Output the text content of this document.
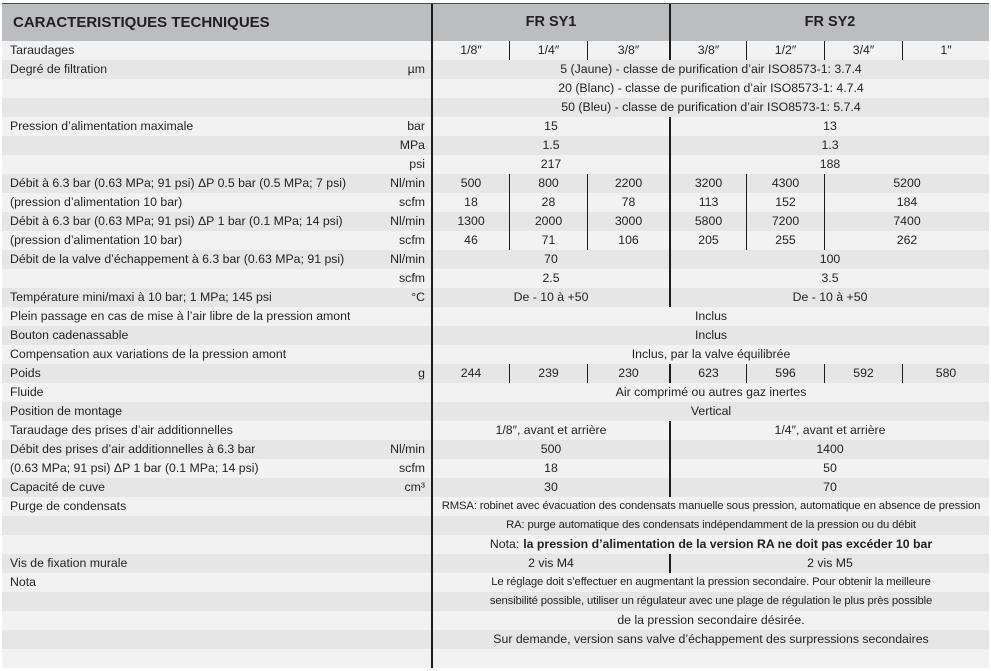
CARACTERISTIQUES TECHNIQUES	FR SY1	FR SY2
Taraudages	1/8″	1/4″	3/8″	3/8″	1/2″	3/4″	1″
Degré de filtration	µm	5 (Jaune) - classe de purification d’air ISO8573-1: 3.7.4
20 (Blanc) - classe de purification d’air ISO8573-1: 4.7.4
50 (Bleu) - classe de purification d’air ISO8573-1: 5.7.4
Pression d’alimentation maximale	bar	15	13
MPa	1.5	1.3
psi	217	188
Débit à 6.3 bar (0.63 MPa; 91 psi) ΔP 0.5 bar (0.5 MPa; 7 psi)	Nl/min	500	800	2200	3200	4300	5200
(pression d’alimentation 10 bar)	scfm	18	28	78	113	152	184
Débit à 6.3 bar (0.63 MPa; 91 psi) ΔP 1 bar (0.1 MPa; 14 psi)	Nl/min	1300	2000	3000	5800	7200	7400
(pression d’alimentation 10 bar)	scfm	46	71	106	205	255	262
Débit de la valve d’échappement à 6.3 bar (0.63 MPa; 91 psi)	Nl/min	70	100
scfm	2.5	3.5
Température mini/maxi à 10 bar; 1 MPa; 145 psi	°C	De - 10 à +50	De - 10 à +50
Plein passage en cas de mise à l’air libre de la pression amont	Inclus
Bouton cadenassable	Inclus
Compensation aux variations de la pression amont	Inclus, par la valve équilibrée
Poids	g	244	239	230	623	596	592	580
Fluide	Air comprimé ou autres gaz inertes
Position de montage	Vertical
Taraudage des prises d’air additionnelles	1/8″, avant et arrière	1/4″, avant et arrière
Débit des prises d’air additionnelles à 6.3 bar	Nl/min	500	1400
(0.63 MPa; 91 psi) ΔP 1 bar (0.1 MPa; 14 psi)	scfm	18	50
Capacité de cuve	cm³	30	70
Purge de condensats	RMSA: robinet avec évacuation des condensats manuelle sous pression, automatique en absence de pression
RA: purge automatique des condensats indépendamment de la pression ou du débit
Nota: la pression d’alimentation de la version RA ne doit pas excéder 10 bar
Vis de fixation murale	2 vis M4	2 vis M5
Nota	Le réglage doit s’effectuer en augmentant la pression secondaire. Pour obtenir la meilleure
sensibilité possible, utiliser un régulateur avec une plage de régulation le plus près possible
de la pression secondaire désirée.
Sur demande, version sans valve d’échappement des surpressions secondaires
